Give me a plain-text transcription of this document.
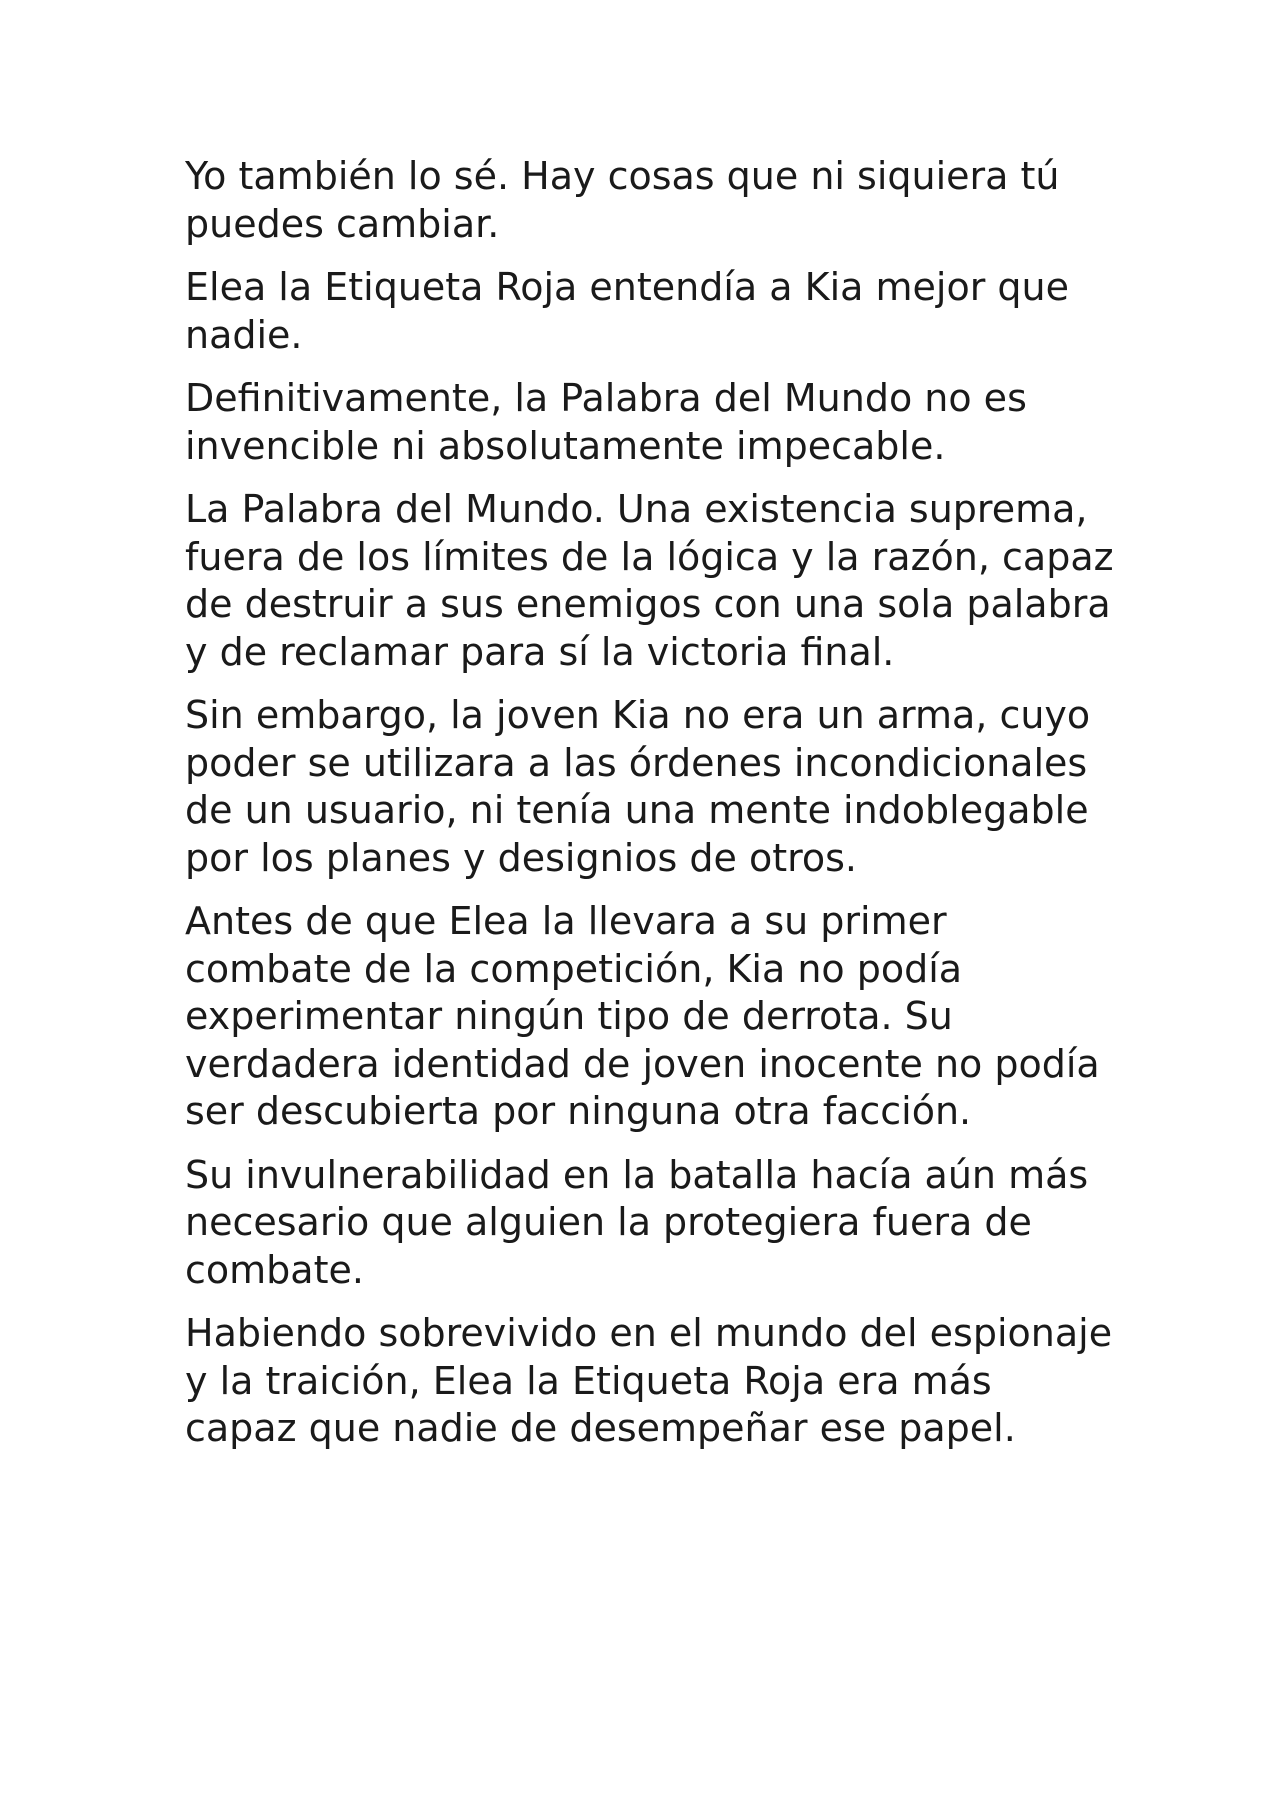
Yo también lo sé. Hay cosas que ni siquiera tú puedes cambiar.

Elea la Etiqueta Roja entendía a Kia mejor que nadie.

Definitivamente, la Palabra del Mundo no es invencible ni absolutamente impecable.

La Palabra del Mundo. Una existencia suprema, fuera de los límites de la lógica y la razón, capaz de destruir a sus enemigos con una sola palabra y de reclamar para sí la victoria final.

Sin embargo, la joven Kia no era un arma, cuyo poder se utilizara a las órdenes incondicionales de un usuario, ni tenía una mente indoblegable por los planes y designios de otros.

Antes de que Elea la llevara a su primer combate de la competición, Kia no podía experimentar ningún tipo de derrota. Su verdadera identidad de joven inocente no podía ser descubierta por ninguna otra facción.

Su invulnerabilidad en la batalla hacía aún más necesario que alguien la protegiera fuera de combate.

Habiendo sobrevivido en el mundo del espionaje y la traición, Elea la Etiqueta Roja era más capaz que nadie de desempeñar ese papel.
